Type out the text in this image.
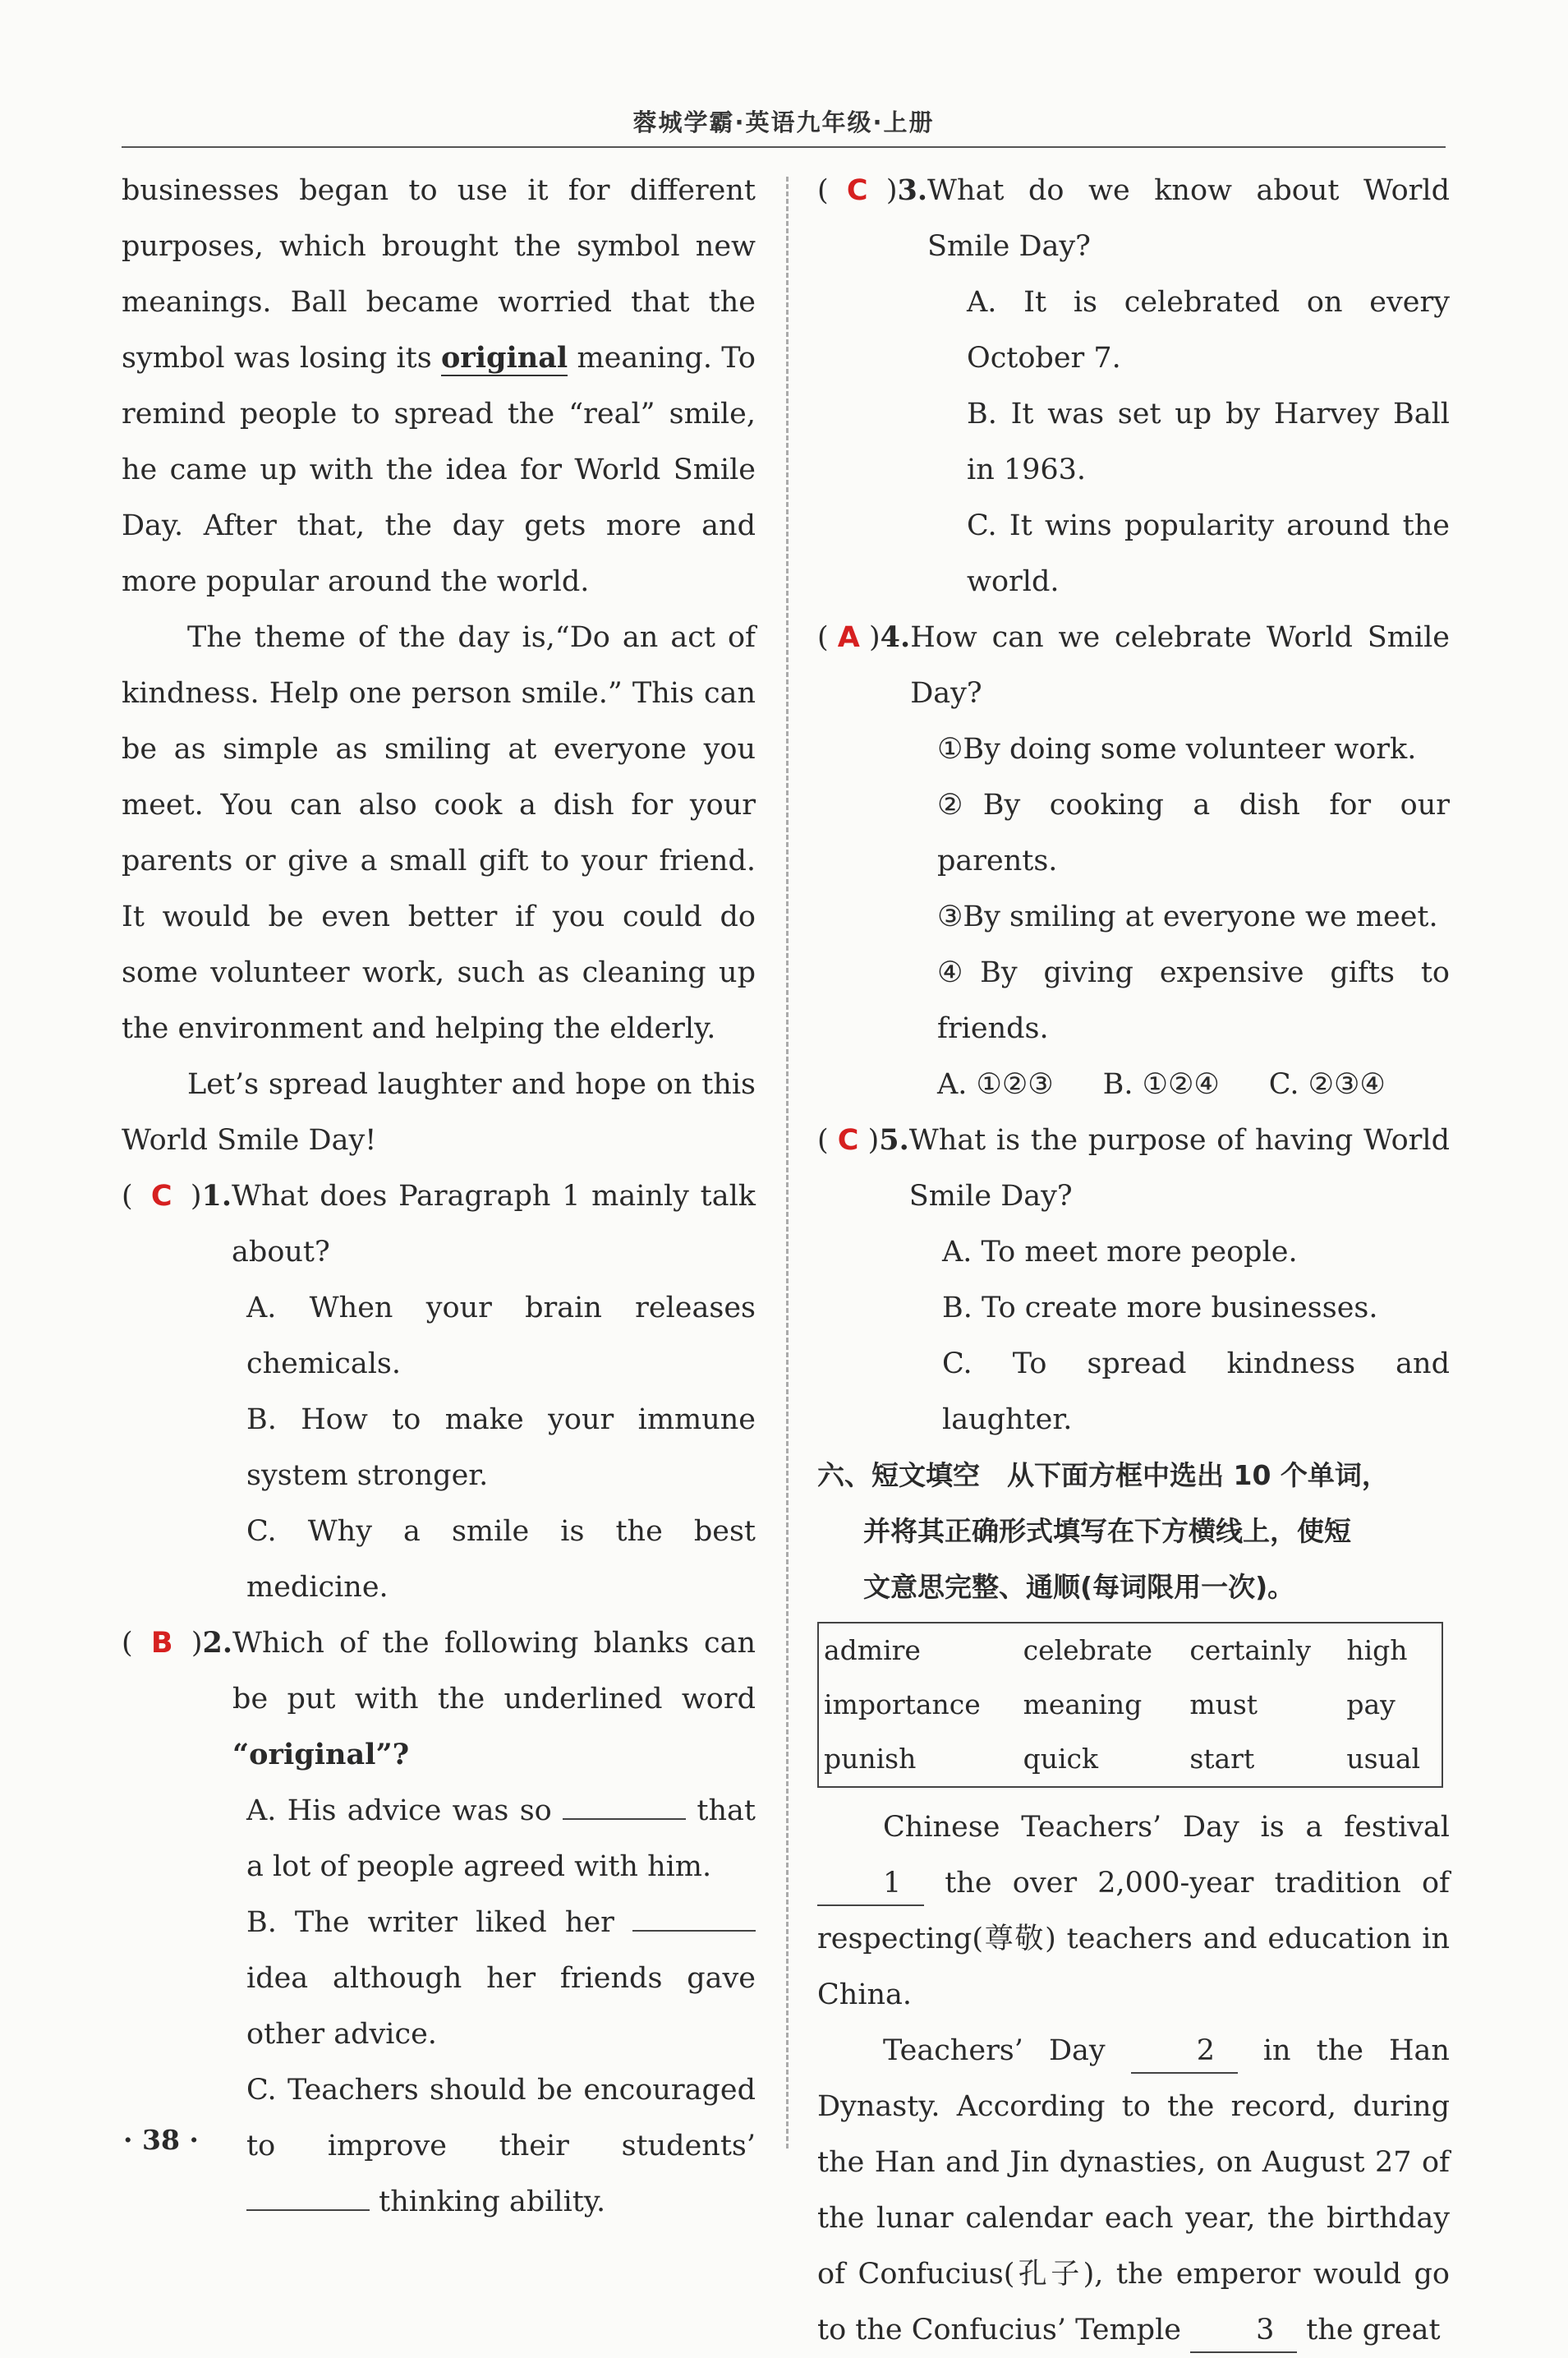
蓉城学霸·英语九年级·上册

businesses began to use it for different purposes, which brought the symbol new meanings. Ball became worried that the symbol was losing its original meaning. To remind people to spread the “real” smile, he came up with the idea for World Smile Day. After that, the day gets more and more popular around the world.

The theme of the day is,“Do an act of kindness. Help one person smile.” This can be as simple as smiling at everyone you meet. You can also cook a dish for your parents or give a small gift to your friend. It would be even better if you could do some volunteer work, such as cleaning up the environment and helping the elderly.

Let’s spread laughter and hope on this World Smile Day!

(  C  ) 1. What does Paragraph 1 mainly talk about?

A. When your brain releases chemicals.

B. How to make your immune system stronger.

C. Why a smile is the best medicine.

(  B  ) 2. Which of the following blanks can be put with the underlined word “original”?

A. His advice was so	that a lot of people agreed with him.

B. The writer liked her  idea although her friends gave other advice.

C. Teachers should be encouraged to improve their students’  thinking ability.

(  C  ) 3. What do we know about World Smile Day?

A. It is celebrated on every October 7.

B. It was set up by Harvey Ball in 1963.

C. It wins popularity around the world.

( A ) 4. How can we celebrate World Smile Day?

①By doing some volunteer work.

②By cooking a dish for our parents.

③By smiling at everyone we meet.

④By giving expensive gifts to friends.

A. ①②③ B. ①②④ C. ②③④
( C ) 5. What is the purpose of having World Smile Day?

A. To meet more people.

B. To create more businesses.

C. To spread kindness and laughter.

六、短文填空　从下面方框中选出 10 个单词，
并将其正确形式填写在下方横线上，使短
文意思完整、通顺(每词限用一次)。
admire	celebrate	certainly	high
importance	meaning	must	pay
punish	quick	start	usual

Chinese Teachers’ Day is a festival 1 the over 2,000-year tradition of respecting(尊敬) teachers and education in China.

Teachers’ Day	2 in the Han Dynasty. According to the record, during the Han and Jin dynasties, on August 27 of the lunar calendar each year, the birthday of Confucius(孔子), the emperor would go to the Confucius’ Temple	3 the great

· 38 ·
